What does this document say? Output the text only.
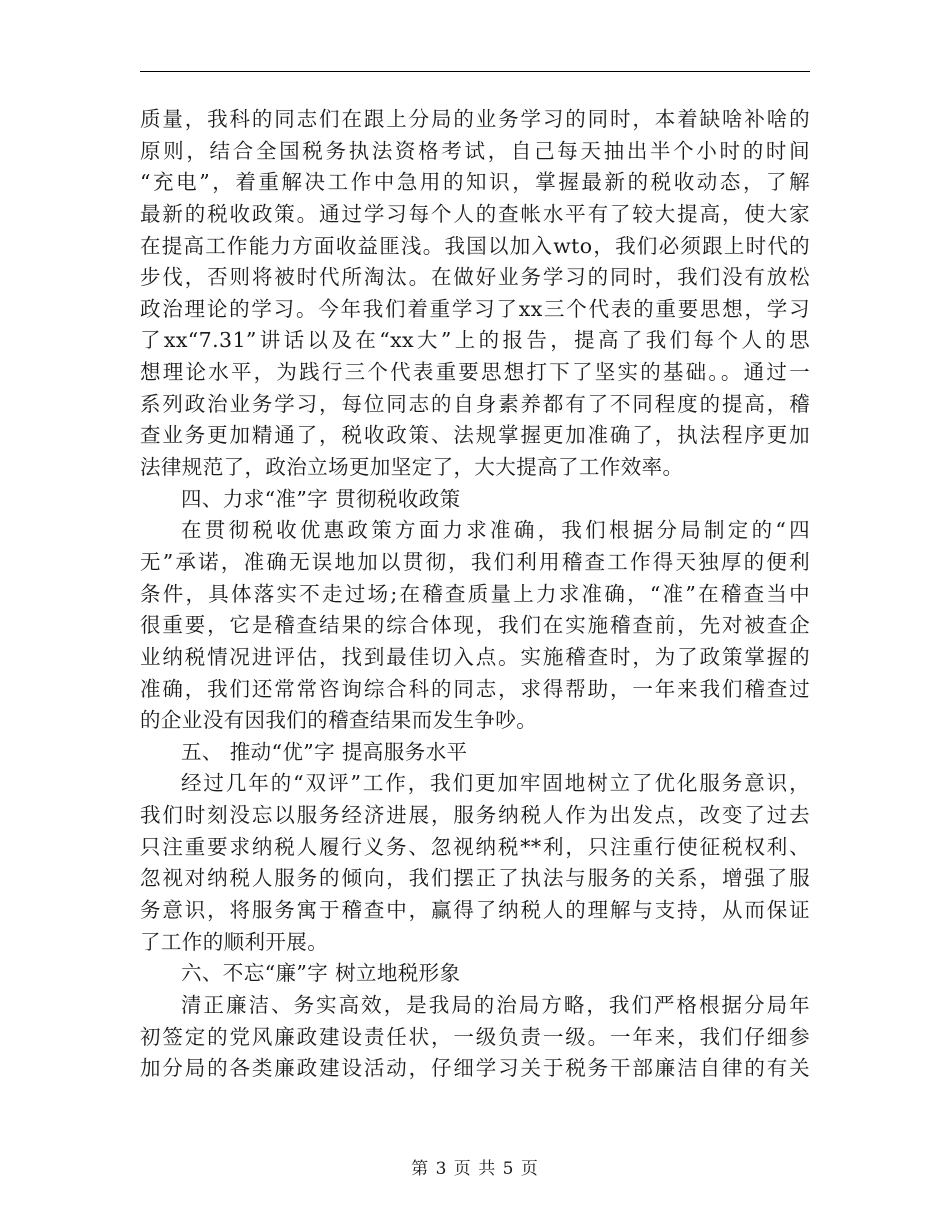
质量，我科的同志们在跟上分局的业务学习的同时，本着缺啥补啥的
原则，结合全国税务执法资格考试，自己每天抽出半个小时的时间
“充电”，着重解决工作中急用的知识，掌握最新的税收动态，了解
最新的税收政策。通过学习每个人的查帐水平有了较大提高，使大家
在提高工作能力方面收益匪浅。我国以加入wto，我们必须跟上时代的
步伐，否则将被时代所淘汰。在做好业务学习的同时，我们没有放松
政治理论的学习。今年我们着重学习了xx三个代表的重要思想，学习
了xx“7.31”讲话以及在“xx大”上的报告，提高了我们每个人的思
想理论水平，为践行三个代表重要思想打下了坚实的基础。。通过一
系列政治业务学习，每位同志的自身素养都有了不同程度的提高，稽
查业务更加精通了，税收政策、法规掌握更加准确了，执法程序更加
法律规范了，政治立场更加坚定了，大大提高了工作效率。
四、力求“准”字 贯彻税收政策
在贯彻税收优惠政策方面力求准确，我们根据分局制定的“四
无”承诺，准确无误地加以贯彻，我们利用稽查工作得天独厚的便利
条件，具体落实不走过场;在稽查质量上力求准确，“准”在稽查当中
很重要，它是稽查结果的综合体现，我们在实施稽查前，先对被查企
业纳税情况进评估，找到最佳切入点。实施稽查时，为了政策掌握的
准确，我们还常常咨询综合科的同志，求得帮助，一年来我们稽查过
的企业没有因我们的稽查结果而发生争吵。
五、 推动“优”字 提高服务水平
经过几年的“双评”工作，我们更加牢固地树立了优化服务意识，
我们时刻没忘以服务经济进展，服务纳税人作为出发点，改变了过去
只注重要求纳税人履行义务、忽视纳税**利，只注重行使征税权利、
忽视对纳税人服务的倾向，我们摆正了执法与服务的关系，增强了服
务意识，将服务寓于稽查中，赢得了纳税人的理解与支持，从而保证
了工作的顺利开展。
六、不忘“廉”字 树立地税形象
清正廉洁、务实高效，是我局的治局方略，我们严格根据分局年
初签定的党风廉政建设责任状，一级负责一级。一年来，我们仔细参
加分局的各类廉政建设活动，仔细学习关于税务干部廉洁自律的有关
第 3 页 共 5 页
